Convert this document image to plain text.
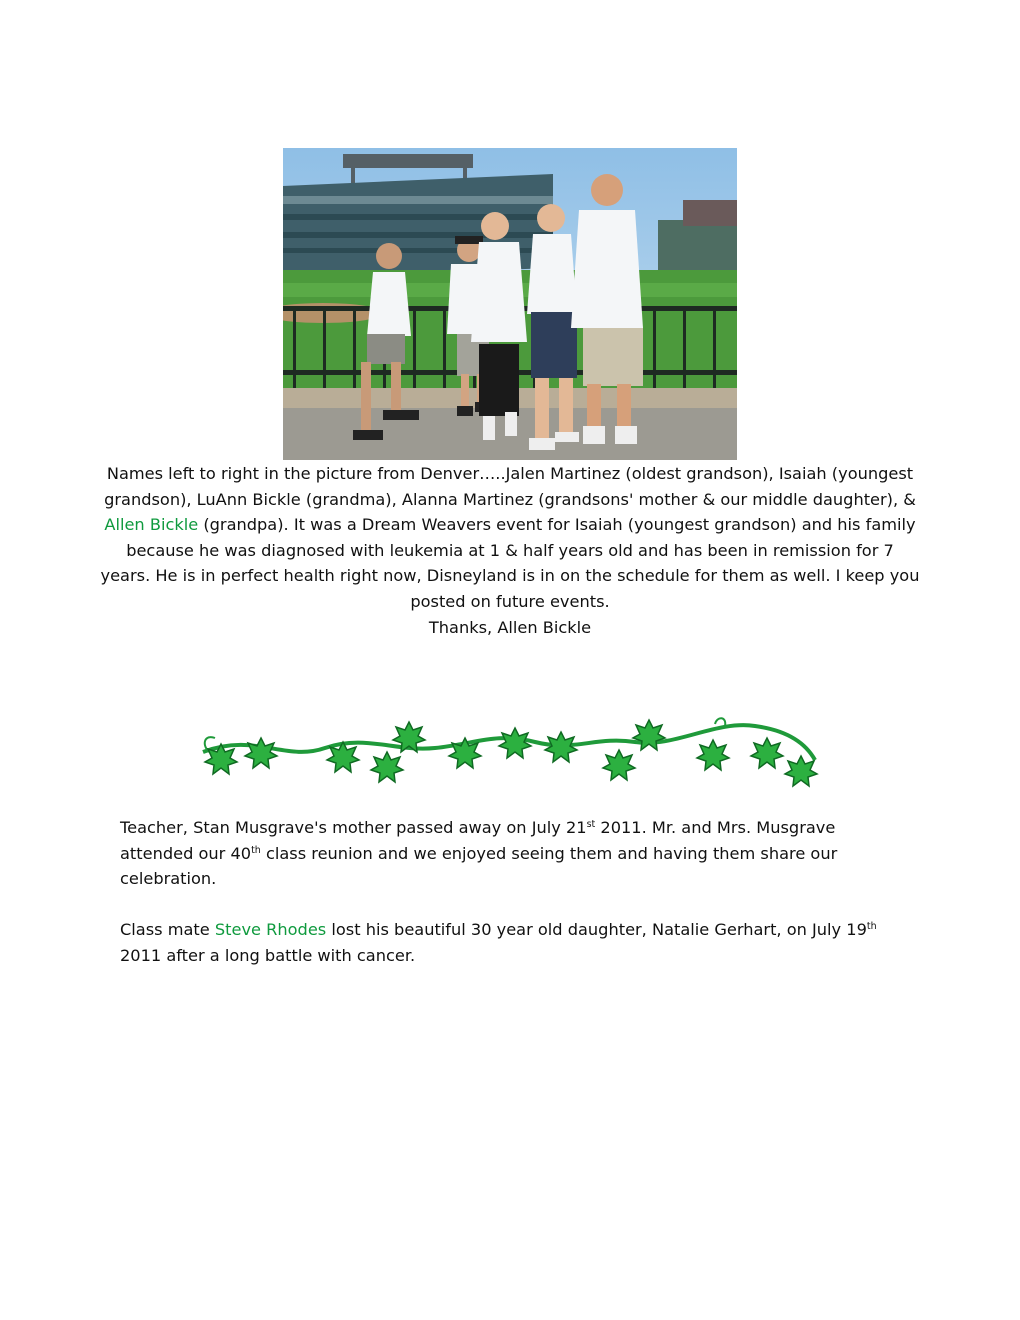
Names left to right in the picture from Denver…..Jalen Martinez (oldest grandson), Isaiah (youngest grandson), LuAnn Bickle (grandma), Alanna Martinez (grandsons' mother & our middle daughter), & Allen Bickle (grandpa). It was a Dream Weavers event for Isaiah (youngest grandson) and his family because he was diagnosed with leukemia at 1 & half years old and has been in remission for 7 years. He is in perfect health right now, Disneyland is in on the schedule for them as well. I keep you posted on future events.
Thanks, Allen Bickle
Teacher, Stan Musgrave's mother passed away on July 21st 2011. Mr. and Mrs. Musgrave attended our 40th class reunion and we enjoyed seeing them and having them share our celebration.
Class mate Steve Rhodes lost his beautiful 30 year old daughter, Natalie Gerhart, on July 19th 2011 after a long battle with cancer.
